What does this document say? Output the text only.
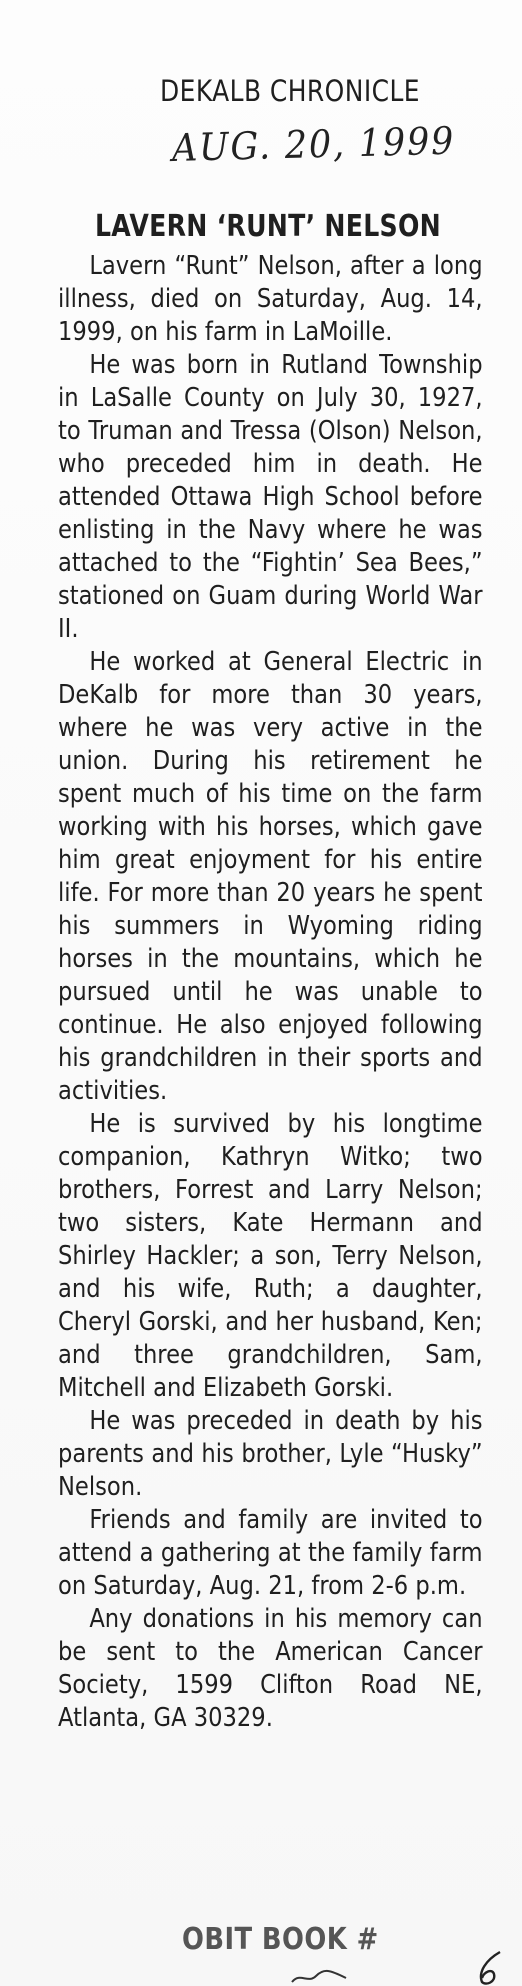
DEKALB CHRONICLE
AUG. 20, 1999
LAVERN ‘RUNT’ NELSON

Lavern “Runt” Nelson, after a long illness, died on Saturday, Aug. 14, 1999, on his farm in LaMoille.

He was born in Rutland Township in LaSalle County on July 30, 1927, to Truman and Tressa (Olson) Nelson, who preceded him in death. He attended Ottawa High School before enlisting in the Navy where he was attached to the “Fightin’ Sea Bees,” stationed on Guam during World War II.

He worked at General Electric in DeKalb for more than 30 years, where he was very active in the union. During his retirement he spent much of his time on the farm working with his horses, which gave him great enjoyment for his entire life. For more than 20 years he spent his summers in Wyoming riding horses in the mountains, which he pursued until he was unable to continue. He also enjoyed following his grandchildren in their sports and activities.

He is survived by his longtime companion, Kathryn Witko; two brothers, Forrest and Larry Nelson; two sisters, Kate Hermann and Shirley Hackler; a son, Terry Nelson, and his wife, Ruth; a daughter, Cheryl Gorski, and her husband, Ken; and three grandchildren, Sam, Mitchell and Elizabeth Gorski.

He was preceded in death by his parents and his brother, Lyle “Husky” Nelson.

Friends and family are invited to attend a gathering at the family farm on Saturday, Aug. 21, from 2-6 p.m.

Any donations in his memory can be sent to the American Cancer Society, 1599 Clifton Road NE, Atlanta, GA 30329.

OBIT BOOK #
